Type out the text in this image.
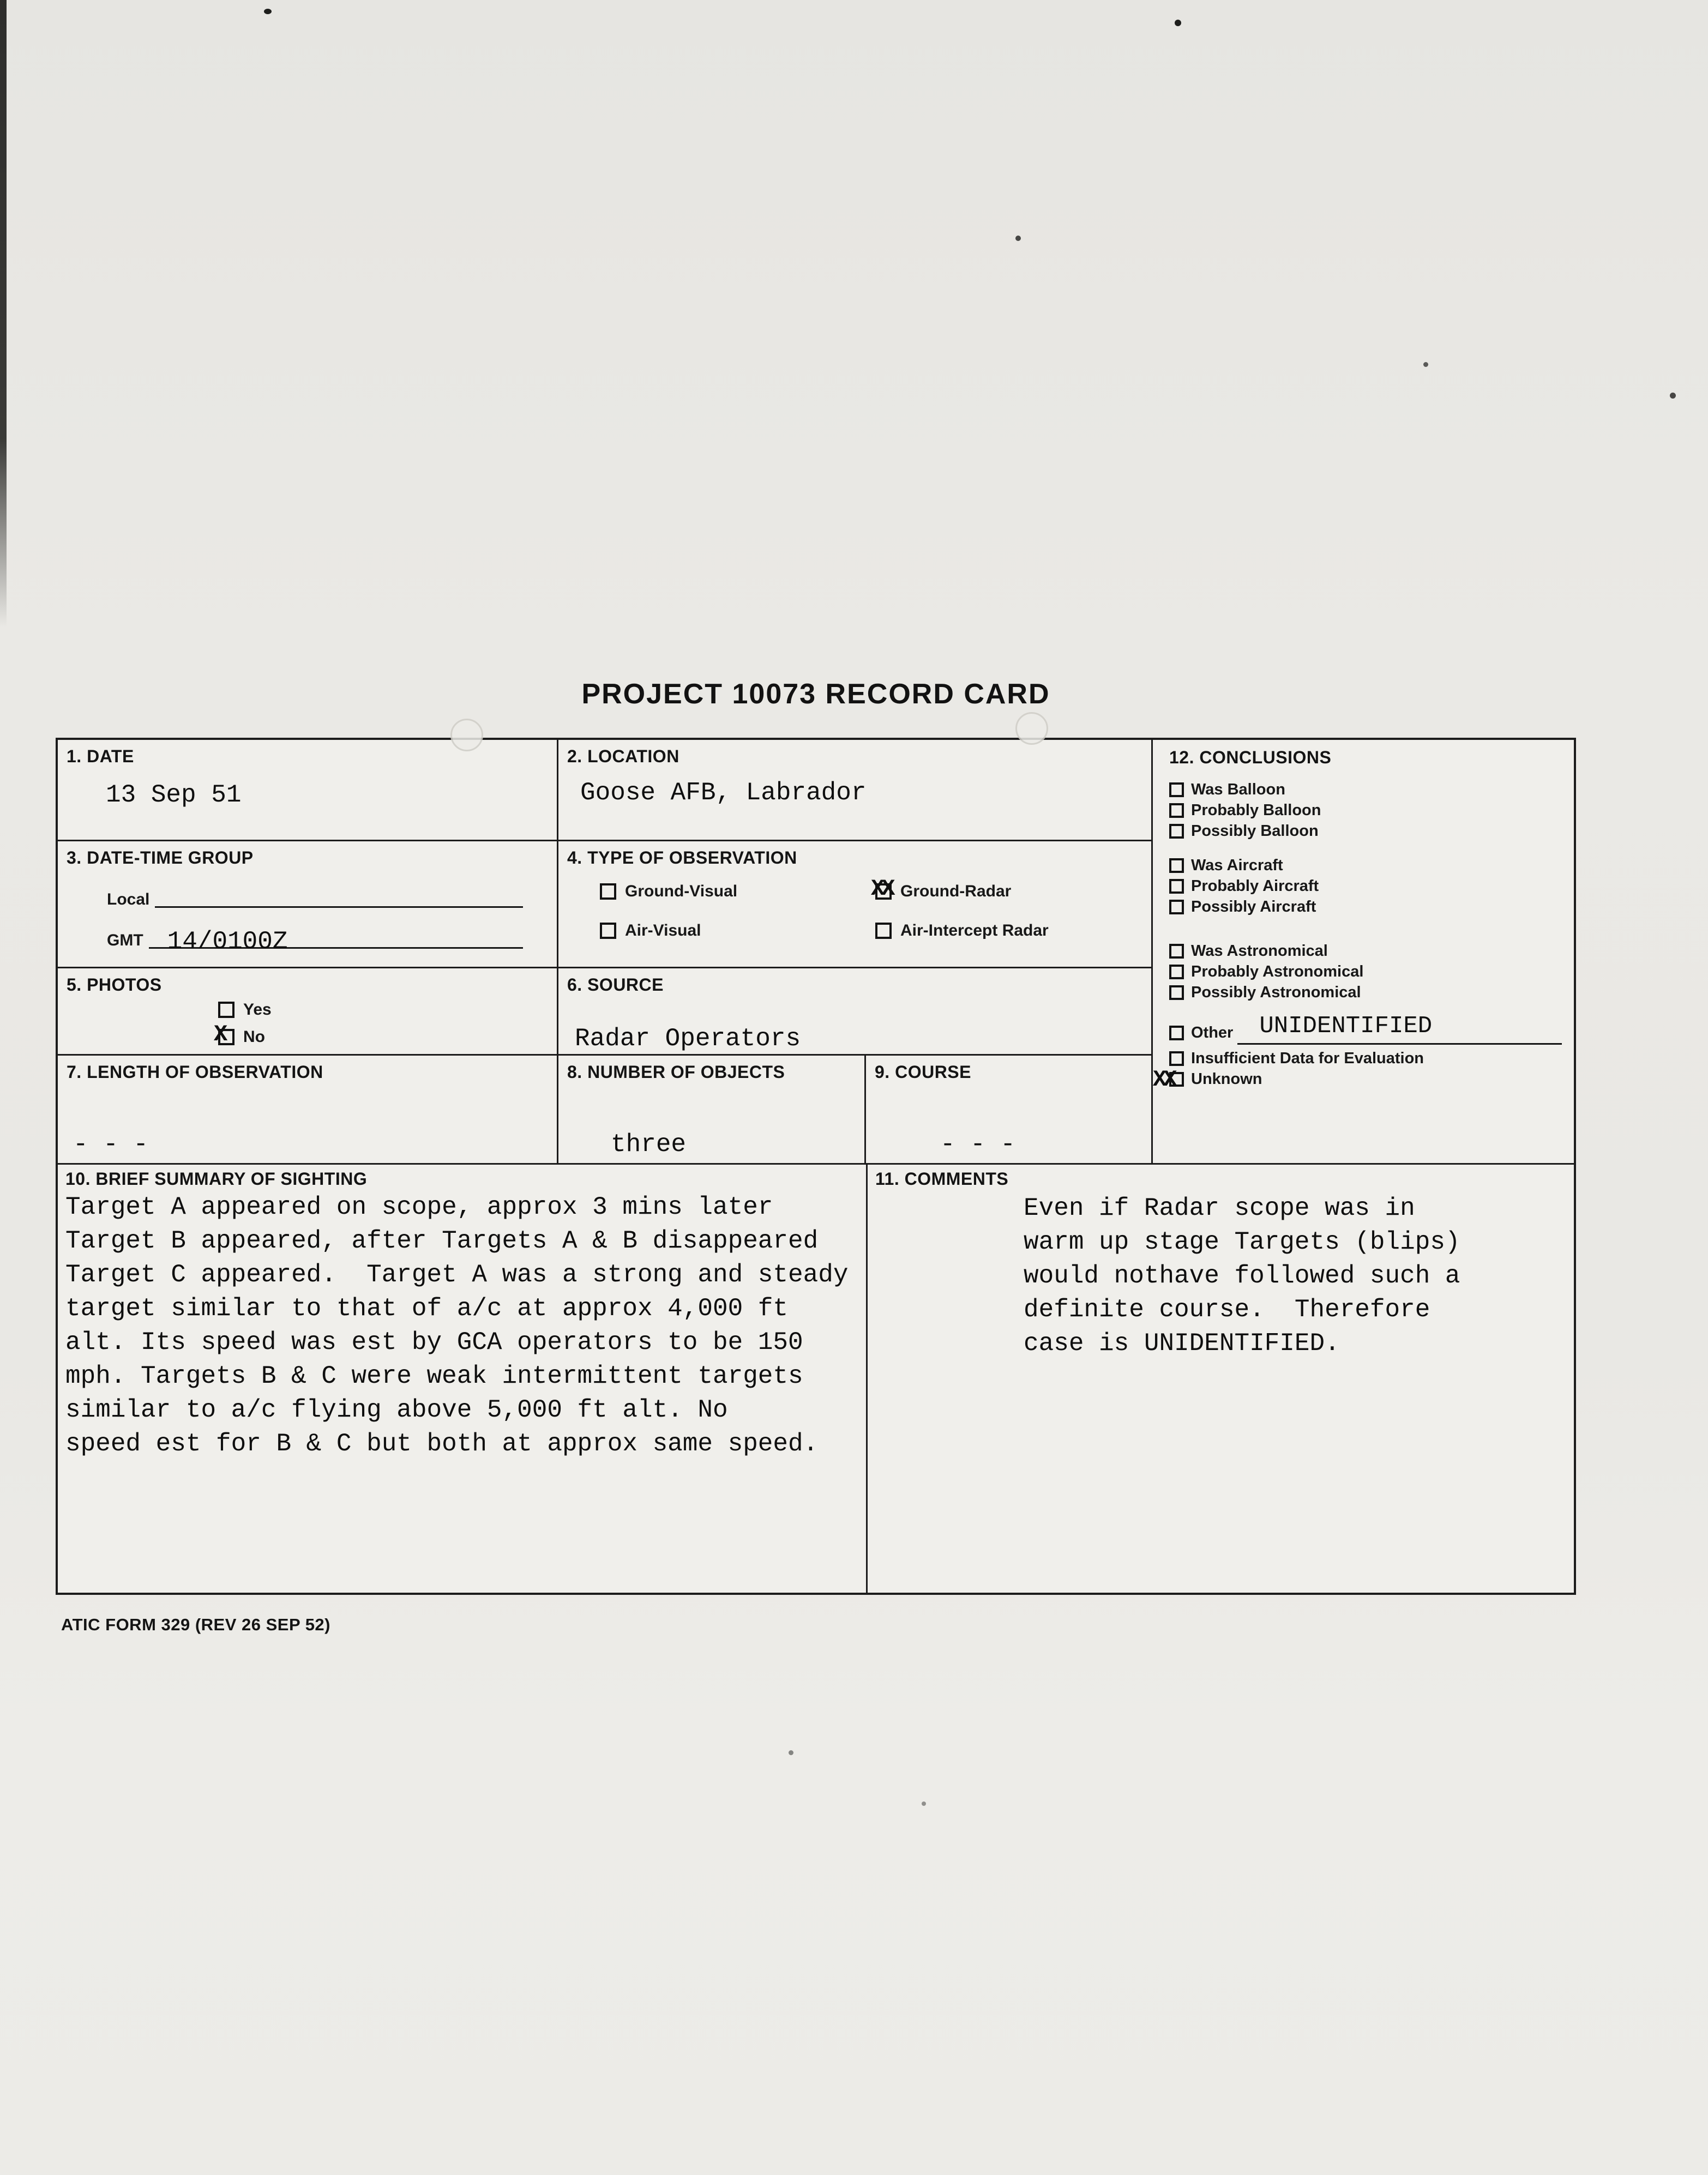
PROJECT 10073 RECORD CARD
1. DATE
13 Sep 51
2. LOCATION
Goose AFB, Labrador
3. DATE-TIME GROUP
Local
GMT 14/0100Z
4. TYPE OF OBSERVATION
Ground-Visual	XX Ground-Radar
Air-Visual	Air-Intercept Radar
5. PHOTOS
Yes
X No
6. SOURCE
Radar Operators
7. LENGTH OF OBSERVATION
- - -
8. NUMBER OF OBJECTS
three
9. COURSE
- - -
12. CONCLUSIONS
Was Balloon
Probably Balloon
Possibly Balloon
Was Aircraft
Probably Aircraft
Possibly Aircraft
Was Astronomical
Probably Astronomical
Possibly Astronomical
Other UNIDENTIFIED
Insufficient Data for Evaluation
XX Unknown
10. BRIEF SUMMARY OF SIGHTING
Target A appeared on scope, approx 3 mins later
Target B appeared, after Targets A & B disappeared
Target C appeared.  Target A was a strong and steady
target similar to that of a/c at approx 4,000 ft
alt. Its speed was est by GCA operators to be 150
mph. Targets B & C were weak intermittent targets
similar to a/c flying above 5,000 ft alt. No
speed est for B & C but both at approx same speed.
11. COMMENTS
Even if Radar scope was in
warm up stage Targets (blips)
would nothave followed such a
definite course.  Therefore
case is UNIDENTIFIED.
ATIC FORM 329 (REV 26 SEP 52)
